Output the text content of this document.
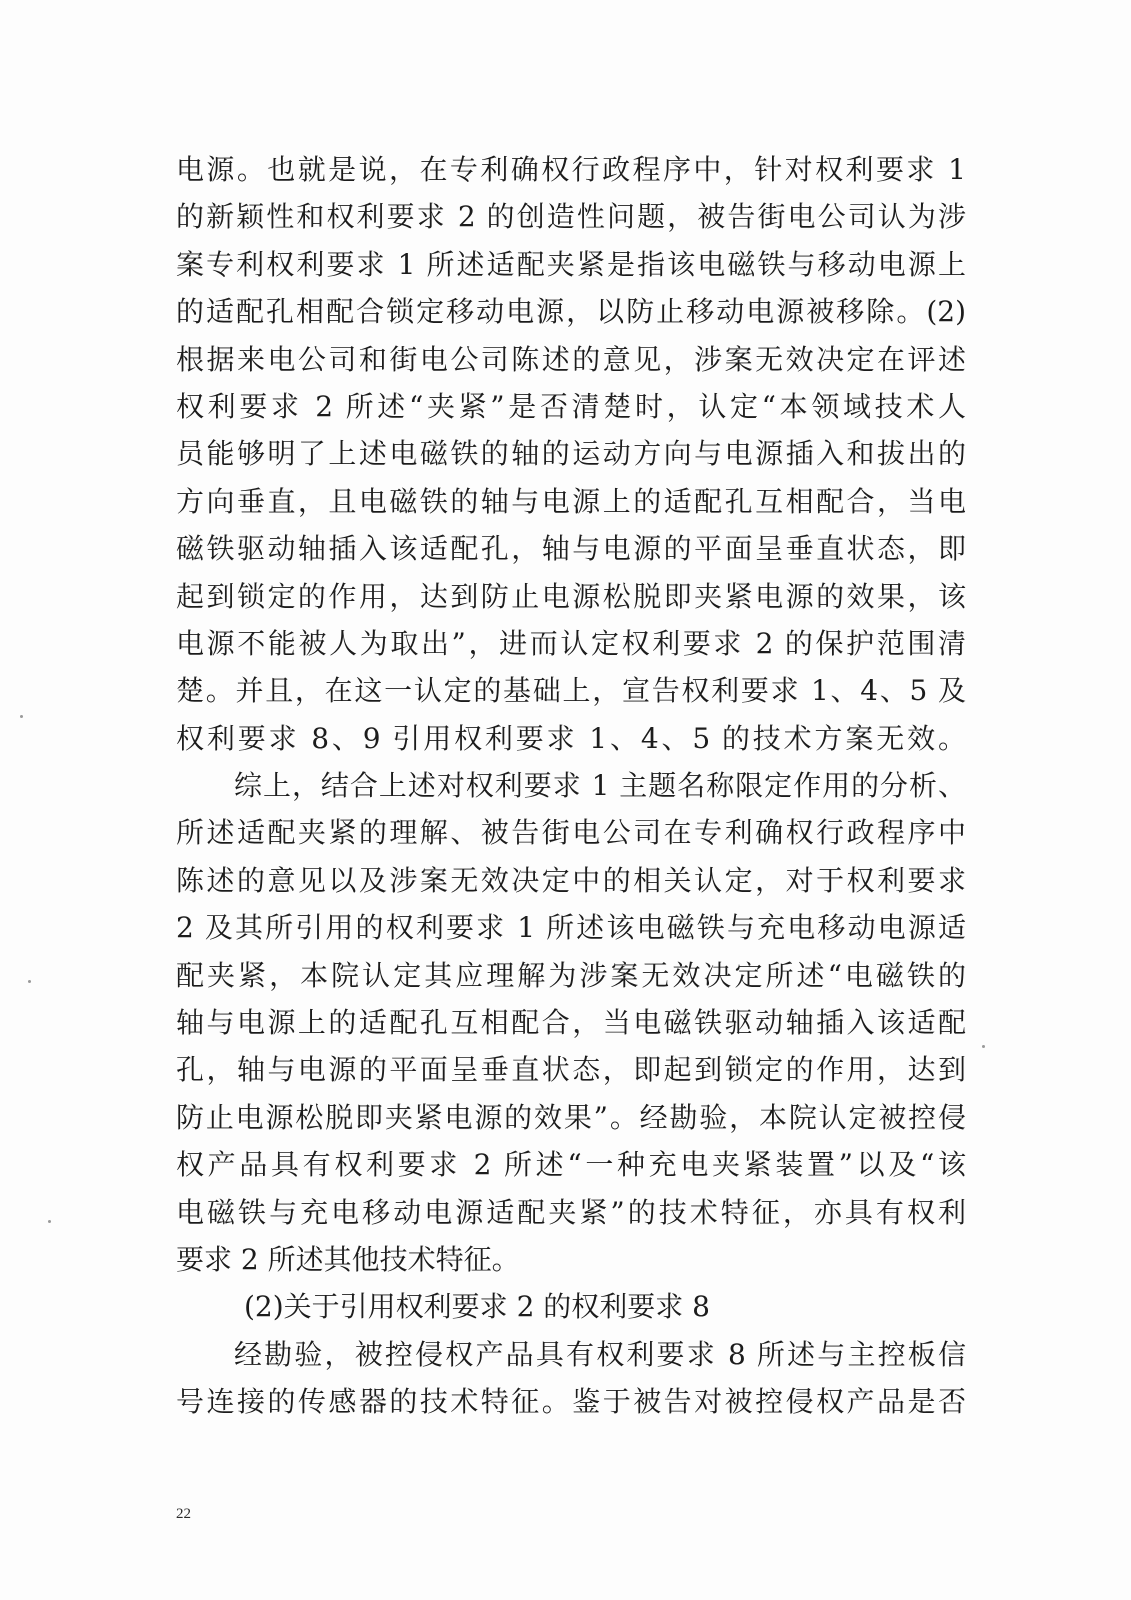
电源。也就是说，在专利确权行政程序中，针对权利要求 1
的新颖性和权利要求 2 的创造性问题，被告街电公司认为涉
案专利权利要求 1 所述适配夹紧是指该电磁铁与移动电源上
的适配孔相配合锁定移动电源，以防止移动电源被移除。(2)
根据来电公司和街电公司陈述的意见，涉案无效决定在评述
权利要求 2 所述“夹紧”是否清楚时，认定“本领域技术人
员能够明了上述电磁铁的轴的运动方向与电源插入和拔出的
方向垂直，且电磁铁的轴与电源上的适配孔互相配合，当电
磁铁驱动轴插入该适配孔，轴与电源的平面呈垂直状态，即
起到锁定的作用，达到防止电源松脱即夹紧电源的效果，该
电源不能被人为取出”，进而认定权利要求 2 的保护范围清
楚。并且，在这一认定的基础上，宣告权利要求 1、4、5 及
权利要求 8、9 引用权利要求 1、4、5 的技术方案无效。
综上，结合上述对权利要求 1 主题名称限定作用的分析、
所述适配夹紧的理解、被告街电公司在专利确权行政程序中
陈述的意见以及涉案无效决定中的相关认定，对于权利要求
2 及其所引用的权利要求 1 所述该电磁铁与充电移动电源适
配夹紧，本院认定其应理解为涉案无效决定所述“电磁铁的
轴与电源上的适配孔互相配合，当电磁铁驱动轴插入该适配
孔，轴与电源的平面呈垂直状态，即起到锁定的作用，达到
防止电源松脱即夹紧电源的效果”。经勘验，本院认定被控侵
权产品具有权利要求 2 所述“一种充电夹紧装置”以及“该
电磁铁与充电移动电源适配夹紧”的技术特征，亦具有权利
要求 2 所述其他技术特征。
(2)关于引用权利要求 2 的权利要求 8
经勘验，被控侵权产品具有权利要求 8 所述与主控板信
号连接的传感器的技术特征。鉴于被告对被控侵权产品是否
22
